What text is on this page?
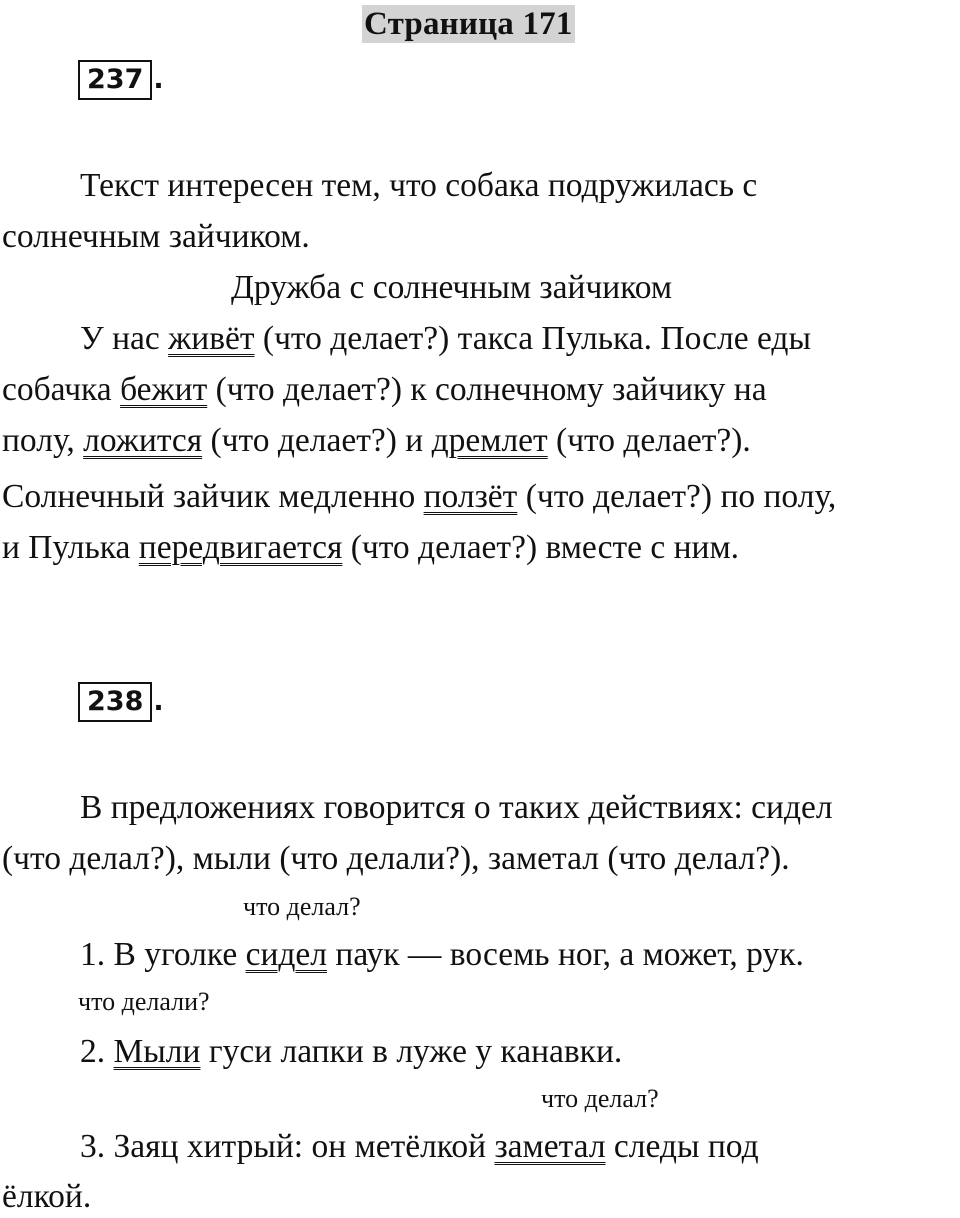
Страница 171
237 .
Текст интересен тем, что собака подружилась с
солнечным зайчиком.
Дружба с солнечным зайчиком
У нас живёт (что делает?) такса Пулька. После еды
собачка бежит (что делает?) к солнечному зайчику на
полу, ложится (что делает?) и дремлет (что делает?).
Солнечный зайчик медленно ползёт (что делает?) по полу,
и Пулька передвигается (что делает?) вместе с ним.
238 .
В предложениях говорится о таких действиях: сидел
(что делал?), мыли (что делали?), заметал (что делал?).
что делал?
1. В уголке сидел паук — восемь ног, а может, рук.
что делали?
2. Мыли гуси лапки в луже у канавки.
что делал?
3. Заяц хитрый: он метёлкой заметал следы под
ёлкой.
